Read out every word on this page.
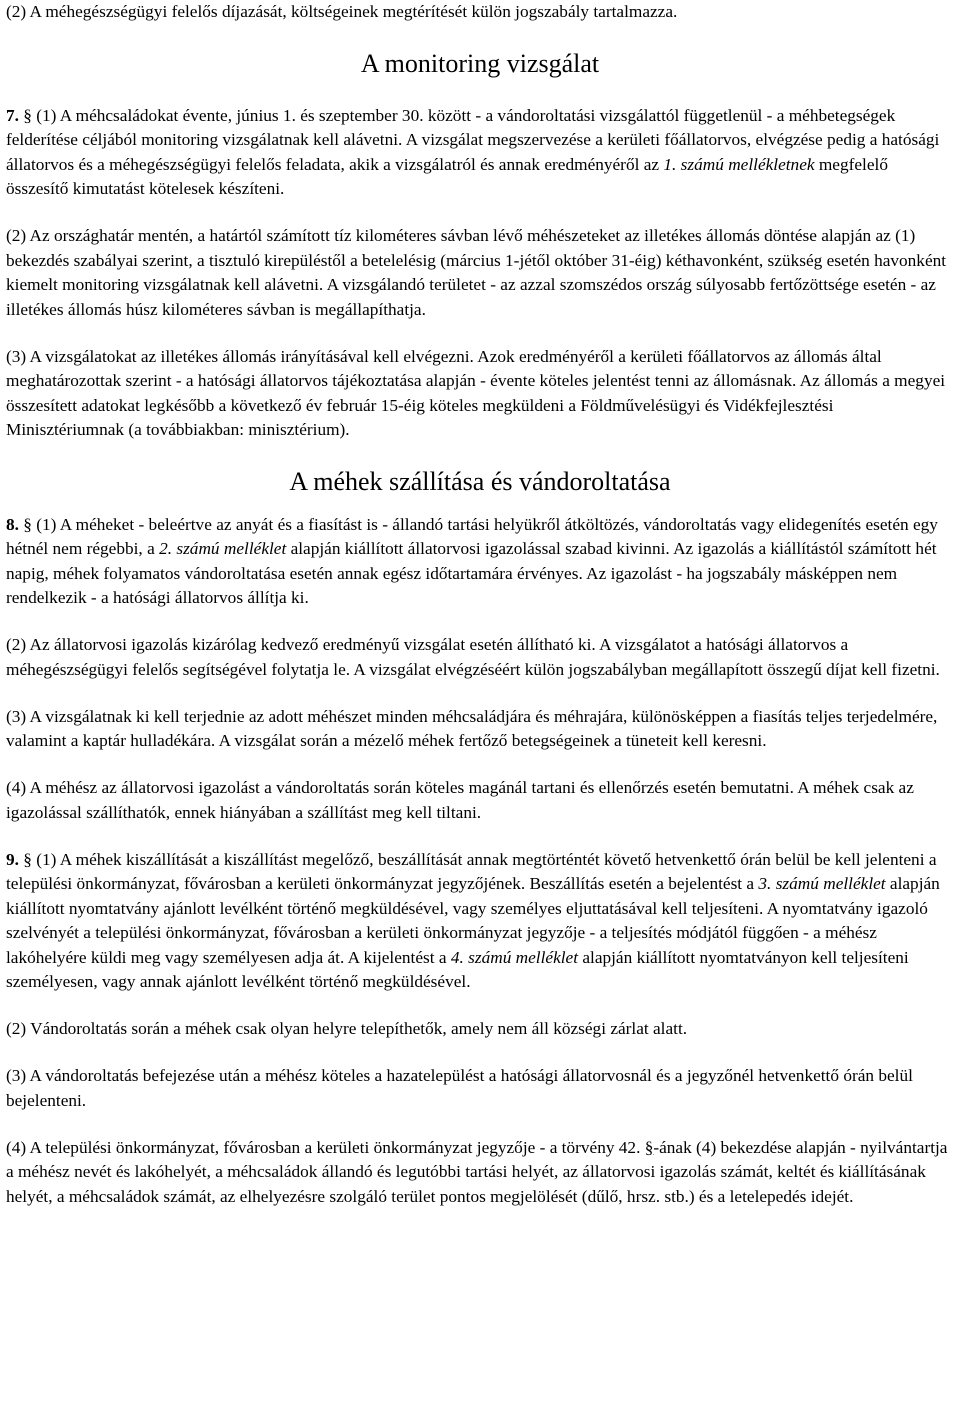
(2) A méhegészségügyi felelős díjazását, költségeinek megtérítését külön jogszabály tartalmazza.

A monitoring vizsgálat

7. § (1) A méhcsaládokat évente, június 1. és szeptember 30. között - a vándoroltatási vizsgálattól függetlenül - a méhbetegségek felderítése céljából monitoring vizsgálatnak kell alávetni. A vizsgálat megszervezése a kerületi főállatorvos, elvégzése pedig a hatósági állatorvos és a méhegészségügyi felelős feladata, akik a vizsgálatról és annak eredményéről az 1. számú mellékletnek megfelelő összesítő kimutatást kötelesek készíteni.

(2) Az országhatár mentén, a határtól számított tíz kilométeres sávban lévő méhészeteket az illetékes állomás döntése alapján az (1) bekezdés szabályai szerint, a tisztuló kirepüléstől a betelelésig (március 1-jétől október 31-éig) kéthavonként, szükség esetén havonként kiemelt monitoring vizsgálatnak kell alávetni. A vizsgálandó területet - az azzal szomszédos ország súlyosabb fertőzöttsége esetén - az illetékes állomás húsz kilométeres sávban is megállapíthatja.

(3) A vizsgálatokat az illetékes állomás irányításával kell elvégezni. Azok eredményéről a kerületi főállatorvos az állomás által meghatározottak szerint - a hatósági állatorvos tájékoztatása alapján - évente köteles jelentést tenni az állomásnak. Az állomás a megyei összesített adatokat legkésőbb a következő év február 15-éig köteles megküldeni a Földművelésügyi és Vidékfejlesztési Minisztériumnak (a továbbiakban: minisztérium).

A méhek szállítása és vándoroltatása

8. § (1) A méheket - beleértve az anyát és a fiasítást is - állandó tartási helyükről átköltözés, vándoroltatás vagy elidegenítés esetén egy hétnél nem régebbi, a 2. számú melléklet alapján kiállított állatorvosi igazolással szabad kivinni. Az igazolás a kiállítástól számított hét napig, méhek folyamatos vándoroltatása esetén annak egész időtartamára érvényes. Az igazolást - ha jogszabály másképpen nem rendelkezik - a hatósági állatorvos állítja ki.

(2) Az állatorvosi igazolás kizárólag kedvező eredményű vizsgálat esetén állítható ki. A vizsgálatot a hatósági állatorvos a méhegészségügyi felelős segítségével folytatja le. A vizsgálat elvégzéséért külön jogszabályban megállapított összegű díjat kell fizetni.

(3) A vizsgálatnak ki kell terjednie az adott méhészet minden méhcsaládjára és méhrajára, különösképpen a fiasítás teljes terjedelmére, valamint a kaptár hulladékára. A vizsgálat során a mézelő méhek fertőző betegségeinek a tüneteit kell keresni.

(4) A méhész az állatorvosi igazolást a vándoroltatás során köteles magánál tartani és ellenőrzés esetén bemutatni. A méhek csak az igazolással szállíthatók, ennek hiányában a szállítást meg kell tiltani.

9. § (1) A méhek kiszállítását a kiszállítást megelőző, beszállítását annak megtörténtét követő hetvenkettő órán belül be kell jelenteni a települési önkormányzat, fővárosban a kerületi önkormányzat jegyzőjének. Beszállítás esetén a bejelentést a 3. számú melléklet alapján kiállított nyomtatvány ajánlott levélként történő megküldésével, vagy személyes eljuttatásával kell teljesíteni. A nyomtatvány igazoló szelvényét a települési önkormányzat, fővárosban a kerületi önkormányzat jegyzője - a teljesítés módjától függően - a méhész lakóhelyére küldi meg vagy személyesen adja át. A kijelentést a 4. számú melléklet alapján kiállított nyomtatványon kell teljesíteni személyesen, vagy annak ajánlott levélként történő megküldésével.

(2) Vándoroltatás során a méhek csak olyan helyre telepíthetők, amely nem áll községi zárlat alatt.

(3) A vándoroltatás befejezése után a méhész köteles a hazatelepülést a hatósági állatorvosnál és a jegyzőnél hetvenkettő órán belül bejelenteni.

(4) A települési önkormányzat, fővárosban a kerületi önkormányzat jegyzője - a törvény 42. §-ának (4) bekezdése alapján - nyilvántartja a méhész nevét és lakóhelyét, a méhcsaládok állandó és legutóbbi tartási helyét, az állatorvosi igazolás számát, keltét és kiállításának helyét, a méhcsaládok számát, az elhelyezésre szolgáló terület pontos megjelölését (dűlő, hrsz. stb.) és a letelepedés idejét.
